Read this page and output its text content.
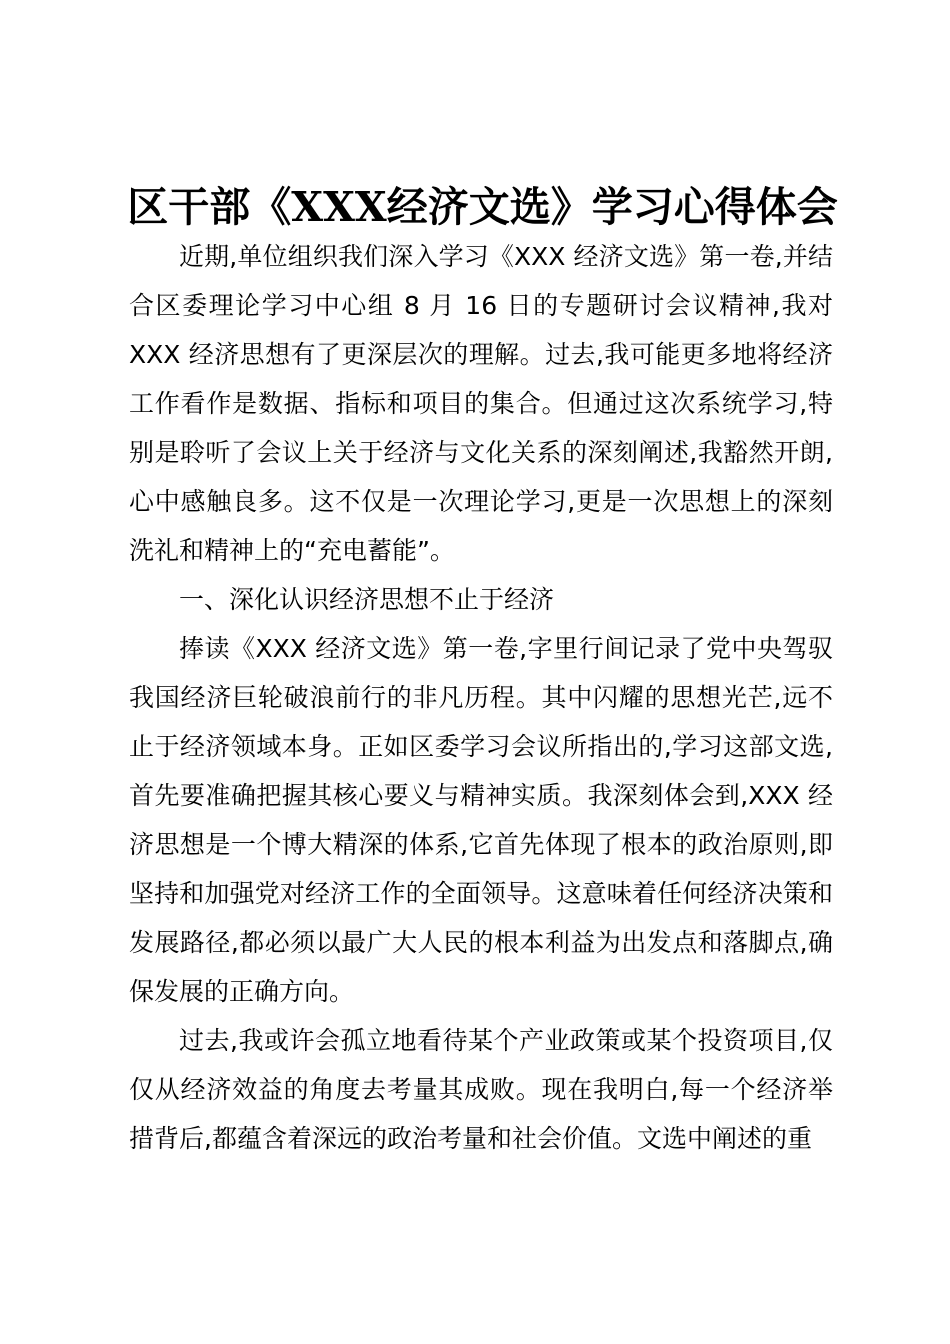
区干部《XXX经济文选》学习心得体会

近期,单位组织我们深入学习《XXX 经济文选》第一卷,并结合区委理论学习中心组 8 月 16 日的专题研讨会议精神,我对 XXX 经济思想有了更深层次的理解。过去,我可能更多地将经济工作看作是数据、指标和项目的集合。但通过这次系统学习,特别是聆听了会议上关于经济与文化关系的深刻阐述,我豁然开朗,心中感触良多。这不仅是一次理论学习,更是一次思想上的深刻洗礼和精神上的“充电蓄能”。

一、深化认识经济思想不止于经济

捧读《XXX 经济文选》第一卷,字里行间记录了党中央驾驭我国经济巨轮破浪前行的非凡历程。其中闪耀的思想光芒,远不止于经济领域本身。正如区委学习会议所指出的,学习这部文选,首先要准确把握其核心要义与精神实质。我深刻体会到,XXX 经济思想是一个博大精深的体系,它首先体现了根本的政治原则,即坚持和加强党对经济工作的全面领导。这意味着任何经济决策和发展路径,都必须以最广大人民的根本利益为出发点和落脚点,确保发展的正确方向。

过去,我或许会孤立地看待某个产业政策或某个投资项目,仅仅从经济效益的角度去考量其成败。现在我明白,每一个经济举措背后,都蕴含着深远的政治考量和社会价值。文选中阐述的重
